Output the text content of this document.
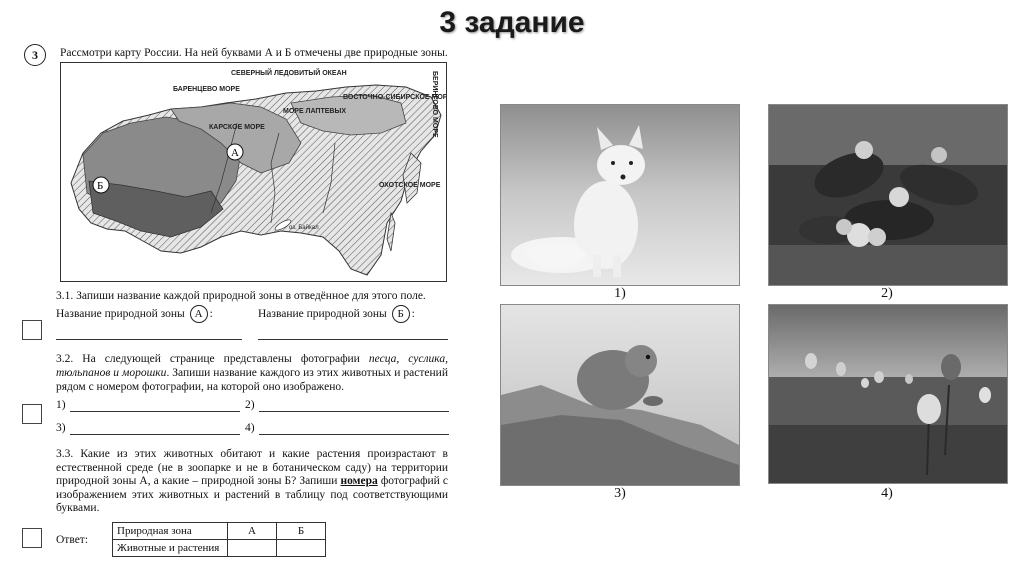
3 задание
3	Рассмотри карту России. На ней буквами А и Б отмечены две природные зоны.
СЕВЕРНЫЙ ЛЕДОВИТЫЙ ОКЕАН
БАРЕНЦЕВО МОРЕ
КАРСКОЕ МОРЕ
МОРЕ ЛАПТЕВЫХ
ВОСТОЧНО-СИБИРСКОЕ МОРЕ
БЕРИНГОВО МОРЕ
ОХОТСКОЕ МОРЕ
оз. Байкал
А
Б
3.1. Запиши название каждой природной зоны в отведённое для этого поле.
Название природной зоны А :	Название природной зоны Б :
3.2. На следующей странице представлены фотографии песца, суслика, тюльпанов и морошки. Запиши название каждого из этих животных и растений рядом с номером фотографии, на которой оно изображено.
1)	2)
3)	4)
3.3. Какие из этих животных обитают и какие растения произрастают в естественной среде (не в зоопарке и не в ботаническом саду) на территории природной зоны А, а какие – природной зоны Б? Запиши номера фотографий с изображением этих животных и растений в таблицу под соответствующими буквами.
Ответ:
Природная зона	А	Б
Животные и растения		
1)	2)
3)	4)
